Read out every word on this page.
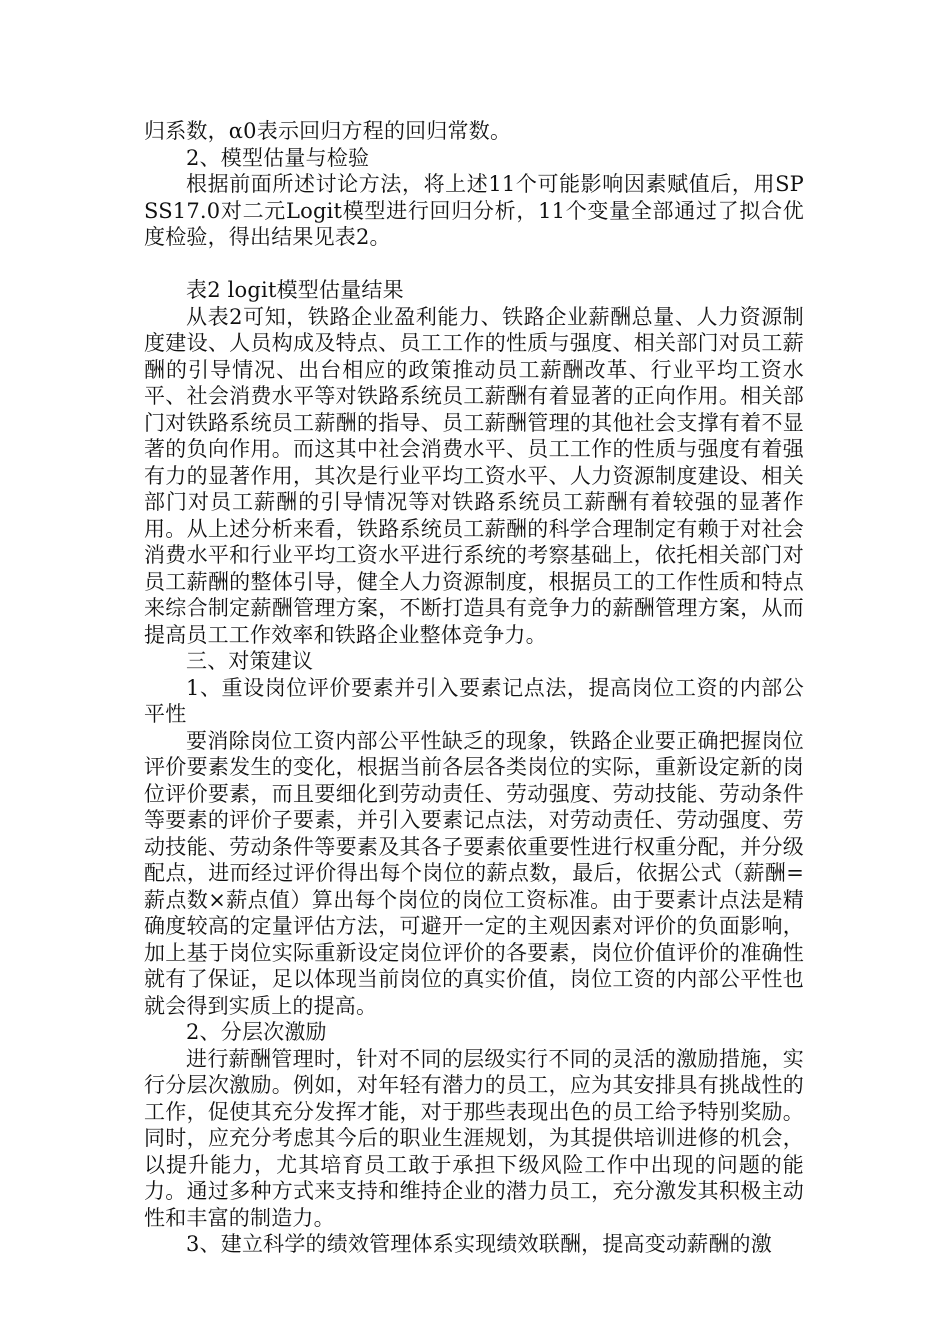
归系数，α0表示回归方程的回归常数。

2、模型估量与检验

根据前面所述讨论方法，将上述11个可能影响因素赋值后，用SPSS17.0对二元Logit模型进行回归分析，11个变量全部通过了拟合优度检验，得出结果见表2。

表2 logit模型估量结果

从表2可知，铁路企业盈利能力、铁路企业薪酬总量、人力资源制度建设、人员构成及特点、员工工作的性质与强度、相关部门对员工薪酬的引导情况、出台相应的政策推动员工薪酬改革、行业平均工资水平、社会消费水平等对铁路系统员工薪酬有着显著的正向作用。相关部门对铁路系统员工薪酬的指导、员工薪酬管理的其他社会支撑有着不显著的负向作用。而这其中社会消费水平、员工工作的性质与强度有着强有力的显著作用，其次是行业平均工资水平、人力资源制度建设、相关部门对员工薪酬的引导情况等对铁路系统员工薪酬有着较强的显著作用。从上述分析来看，铁路系统员工薪酬的科学合理制定有赖于对社会消费水平和行业平均工资水平进行系统的考察基础上，依托相关部门对员工薪酬的整体引导，健全人力资源制度，根据员工的工作性质和特点来综合制定薪酬管理方案，不断打造具有竞争力的薪酬管理方案，从而提高员工工作效率和铁路企业整体竞争力。

三、对策建议

1、重设岗位评价要素并引入要素记点法，提高岗位工资的内部公平性

要消除岗位工资内部公平性缺乏的现象，铁路企业要正确把握岗位评价要素发生的变化，根据当前各层各类岗位的实际，重新设定新的岗位评价要素，而且要细化到劳动责任、劳动强度、劳动技能、劳动条件等要素的评价子要素，并引入要素记点法，对劳动责任、劳动强度、劳动技能、劳动条件等要素及其各子要素依重要性进行权重分配，并分级配点，进而经过评价得出每个岗位的薪点数，最后，依据公式（薪酬=薪点数×薪点值）算出每个岗位的岗位工资标准。由于要素计点法是精确度较高的定量评估方法，可避开一定的主观因素对评价的负面影响，加上基于岗位实际重新设定岗位评价的各要素，岗位价值评价的准确性就有了保证，足以体现当前岗位的真实价值，岗位工资的内部公平性也就会得到实质上的提高。

2、分层次激励

进行薪酬管理时，针对不同的层级实行不同的灵活的激励措施，实行分层次激励。例如，对年轻有潜力的员工，应为其安排具有挑战性的工作，促使其充分发挥才能，对于那些表现出色的员工给予特别奖励。同时，应充分考虑其今后的职业生涯规划，为其提供培训进修的机会，以提升能力，尤其培育员工敢于承担下级风险工作中出现的问题的能力。通过多种方式来支持和维持企业的潜力员工，充分激发其积极主动性和丰富的制造力。

3、建立科学的绩效管理体系实现绩效联酬，提高变动薪酬的激
